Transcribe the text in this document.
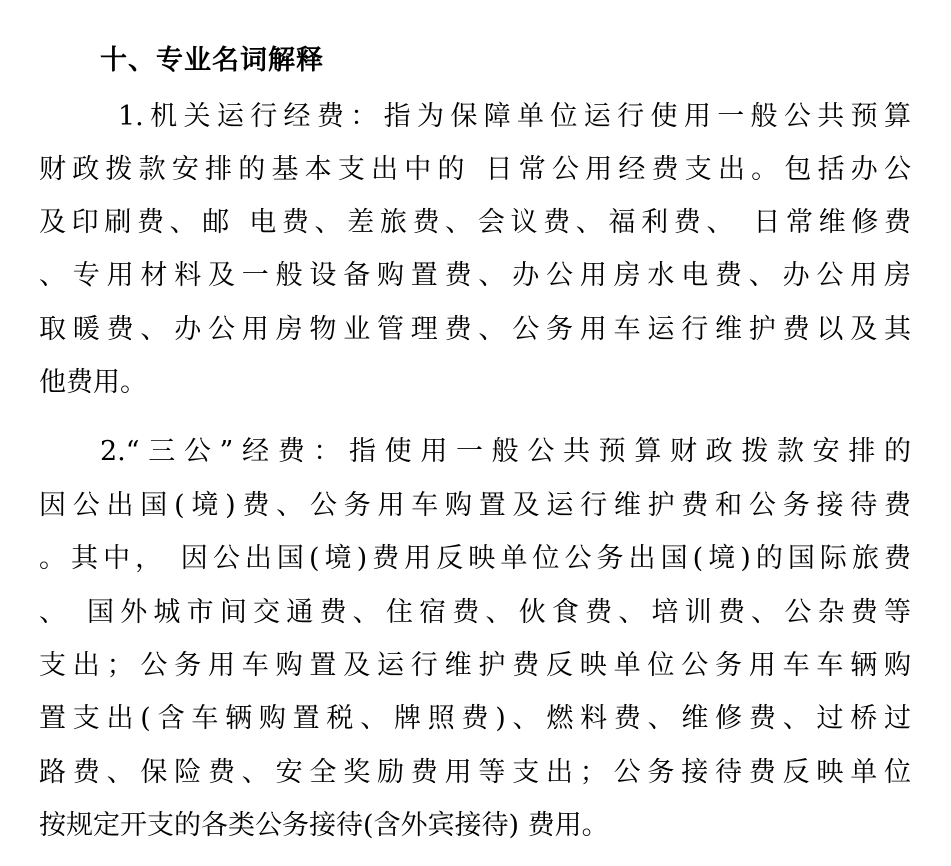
十、专业名词解释

1.机关运行经费：指为保障单位运行使用一般公共预算

财政拨款安排的基本支出中的 日常公用经费支出。包括办公

及印刷费、邮 电费、差旅费、会议费、福利费、 日常维修费

、专用材料及一般设备购置费、办公用房水电费、办公用房

取暖费、办公用房物业管理费、公务用车运行维护费以及其

他费用。

2.“三公”经费：指使用一般公共预算财政拨款安排的

因公出国(境)费、公务用车购置及运行维护费和公务接待费

。其中， 因公出国(境)费用反映单位公务出国(境)的国际旅费

、 国外城市间交通费、住宿费、伙食费、培训费、公杂费等

支出；公务用车购置及运行维护费反映单位公务用车车辆购

置支出(含车辆购置税、牌照费)、燃料费、维修费、过桥过

路费、保险费、安全奖励费用等支出；公务接待费反映单位

按规定开支的各类公务接待(含外宾接待) 费用。
